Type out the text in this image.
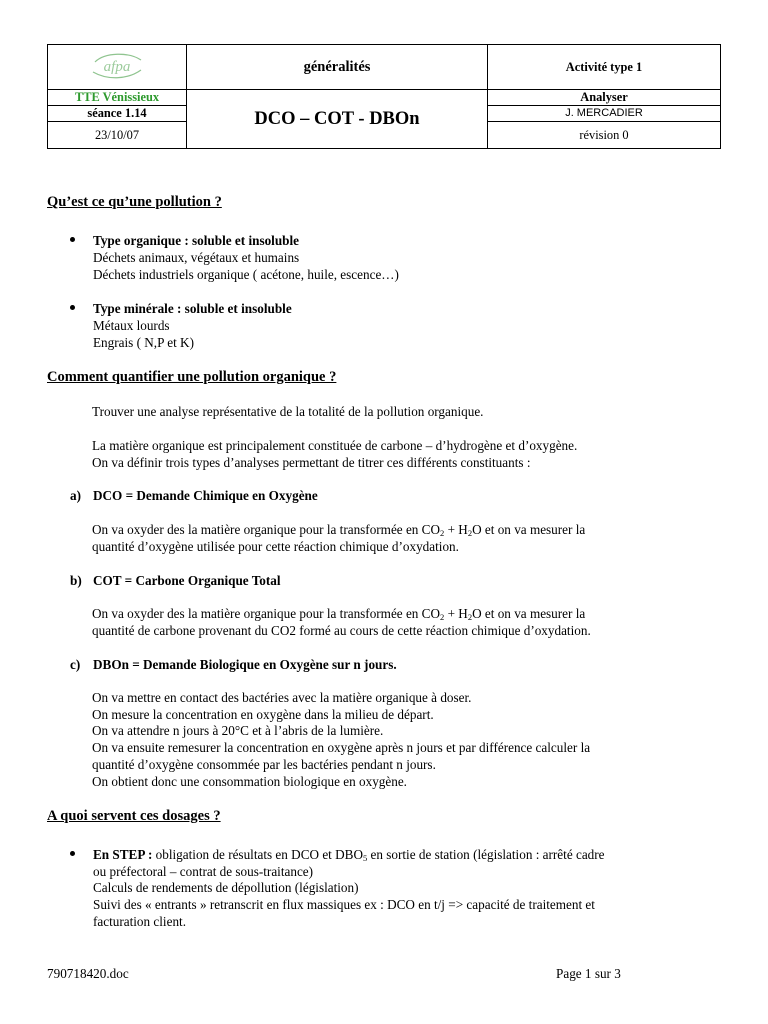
afpa	généralités	Activité type 1
TTE Vénissieux	DCO – COT - DBOn	Analyser
séance 1.14		J. MERCADIER
23/10/07		révision 0
Qu’est ce qu’une pollution ?
Type organique : soluble et insoluble
Déchets animaux, végétaux et humains
Déchets industriels organique ( acétone, huile, escence…)
Type minérale : soluble et insoluble
Métaux lourds
Engrais ( N,P et K)
Comment quantifier une pollution organique ?
Trouver une analyse représentative de la totalité de la pollution organique.
La matière organique est principalement constituée de carbone – d’hydrogène et d’oxygène.
On va définir trois types d’analyses permettant de titrer ces différents constituants :
a) DCO = Demande Chimique en Oxygène
On va oxyder des la matière organique pour la transformée en $CO_2 + H_2O$ et on va mesurer la
quantité d’oxygène utilisée pour cette réaction chimique d’oxydation.
b) COT = Carbone Organique Total
On va oxyder des la matière organique pour la transformée en $CO_2 + H_2O$ et on va mesurer la
quantité de carbone provenant du CO2 formé au cours de cette réaction chimique d’oxydation.
c) DBOn = Demande Biologique en Oxygène sur n jours.
On va mettre en contact des bactéries avec la matière organique à doser.
On mesure la concentration en oxygène dans la milieu de départ.
On va attendre n jours à 20°C et à l’abris de la lumière.
On va ensuite remesurer la concentration en oxygène après n jours et par différence calculer la
quantité d’oxygène consommée par les bactéries pendant n jours.
On obtient donc une consommation biologique en oxygène.
A quoi servent ces dosages ?
En STEP : obligation de résultats en DCO et $DBO_5$ en sortie de station (législation : arrêté cadre
ou préfectoral – contrat de sous-traitance)
Calculs de rendements de dépollution (législation)
Suivi des « entrants » retranscrit en flux massiques ex : DCO en t/j => capacité de traitement et
facturation client.
790718420.doc	Page 1 sur 3
